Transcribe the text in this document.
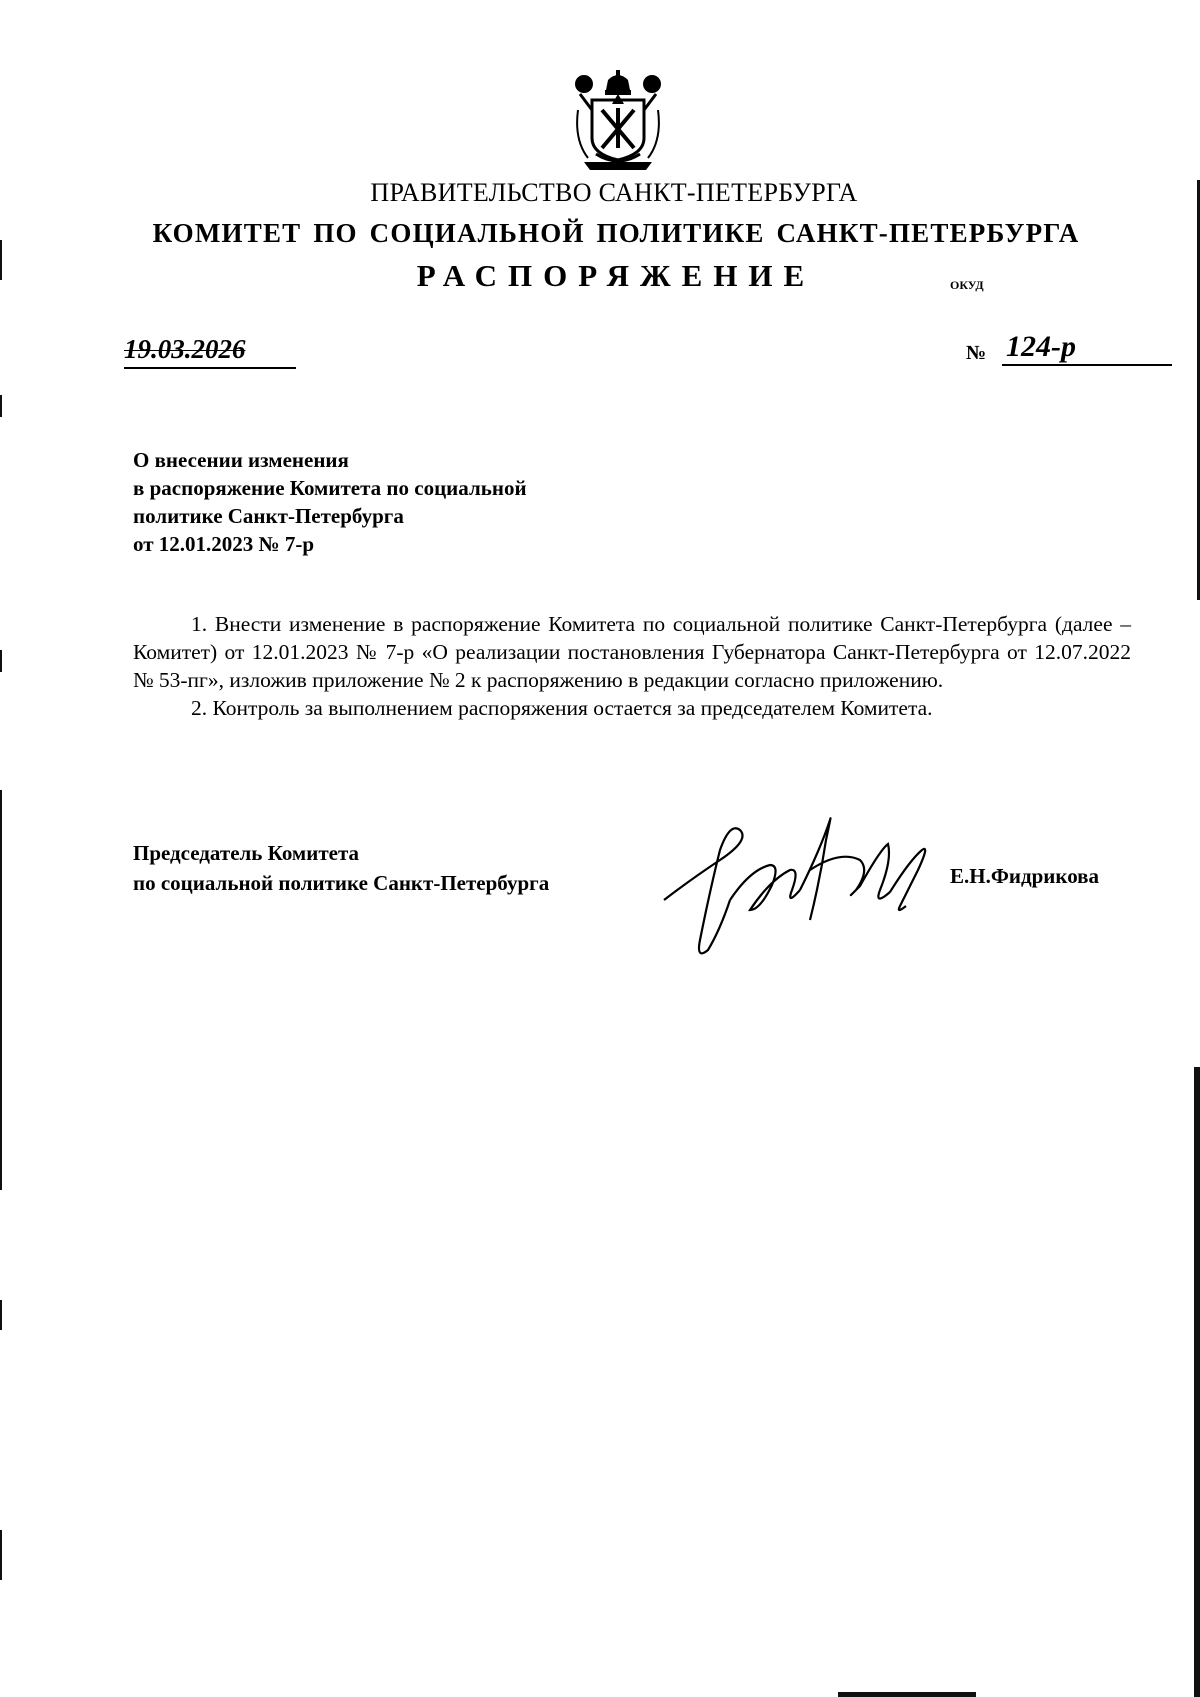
ПРАВИТЕЛЬСТВО САНКТ-ПЕТЕРБУРГА
КОМИТЕТ ПО СОЦИАЛЬНОЙ ПОЛИТИКЕ САНКТ-ПЕТЕРБУРГА
РАСПОРЯЖЕНИЕ	ОКУД
19.03.2026	№ 124-р
О внесении изменения
в распоряжение Комитета по социальной
политике Санкт-Петербурга
от 12.01.2023 № 7-р

1. Внести изменение в распоряжение Комитета по социальной политике Санкт-Петербурга (далее – Комитет) от 12.01.2023 № 7-р «О реализации постановления Губернатора Санкт-Петербурга от 12.07.2022 № 53-пг», изложив приложение № 2 к распоряжению в редакции согласно приложению.

2. Контроль за выполнением распоряжения остается за председателем Комитета.

Председатель Комитета
по социальной политике Санкт-Петербурга	Е.Н.Фидрикова
